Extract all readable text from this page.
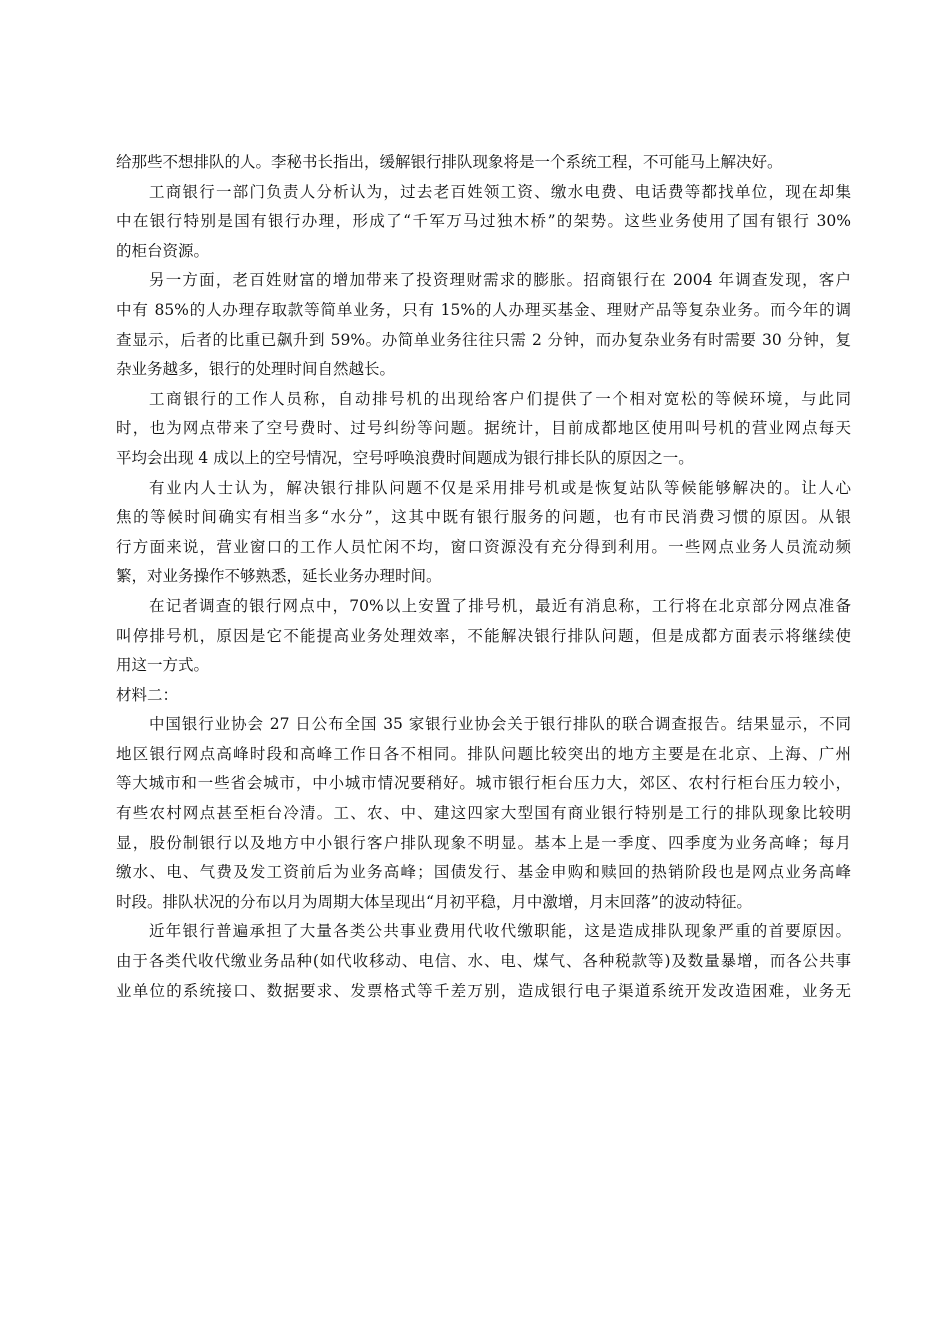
给那些不想排队的人。李秘书长指出，缓解银行排队现象将是一个系统工程，不可能马上解决好。
工商银行一部门负责人分析认为，过去老百姓领工资、缴水电费、电话费等都找单位，现在却集
中在银行特别是国有银行办理，形成了“千军万马过独木桥”的架势。这些业务使用了国有银行 30%
的柜台资源。
另一方面，老百姓财富的增加带来了投资理财需求的膨胀。招商银行在 2004 年调查发现，客户
中有 85%的人办理存取款等简单业务，只有 15%的人办理买基金、理财产品等复杂业务。而今年的调
查显示，后者的比重已飙升到 59%。办简单业务往往只需 2 分钟，而办复杂业务有时需要 30 分钟，复
杂业务越多，银行的处理时间自然越长。
工商银行的工作人员称，自动排号机的出现给客户们提供了一个相对宽松的等候环境，与此同
时，也为网点带来了空号费时、过号纠纷等问题。据统计，目前成都地区使用叫号机的营业网点每天
平均会出现 4 成以上的空号情况，空号呼唤浪费时间题成为银行排长队的原因之一。
有业内人士认为，解决银行排队问题不仅是采用排号机或是恢复站队等候能够解决的。让人心
焦的等候时间确实有相当多“水分”，这其中既有银行服务的问题，也有市民消费习惯的原因。从银
行方面来说，营业窗口的工作人员忙闲不均，窗口资源没有充分得到利用。一些网点业务人员流动频
繁，对业务操作不够熟悉，延长业务办理时间。
在记者调查的银行网点中，70%以上安置了排号机，最近有消息称，工行将在北京部分网点准备
叫停排号机，原因是它不能提高业务处理效率，不能解决银行排队问题，但是成都方面表示将继续使
用这一方式。
材料二：
中国银行业协会 27 日公布全国 35 家银行业协会关于银行排队的联合调查报告。结果显示，不同
地区银行网点高峰时段和高峰工作日各不相同。排队问题比较突出的地方主要是在北京、上海、广州
等大城市和一些省会城市，中小城市情况要稍好。城市银行柜台压力大，郊区、农村行柜台压力较小，
有些农村网点甚至柜台冷清。工、农、中、建这四家大型国有商业银行特别是工行的排队现象比较明
显，股份制银行以及地方中小银行客户排队现象不明显。基本上是一季度、四季度为业务高峰；每月
缴水、电、气费及发工资前后为业务高峰；国债发行、基金申购和赎回的热销阶段也是网点业务高峰
时段。排队状况的分布以月为周期大体呈现出“月初平稳，月中激增，月末回落”的波动特征。
近年银行普遍承担了大量各类公共事业费用代收代缴职能，这是造成排队现象严重的首要原因。
由于各类代收代缴业务品种(如代收移动、电信、水、电、煤气、各种税款等)及数量暴增，而各公共事
业单位的系统接口、数据要求、发票格式等千差万别，造成银行电子渠道系统开发改造困难，业务无
